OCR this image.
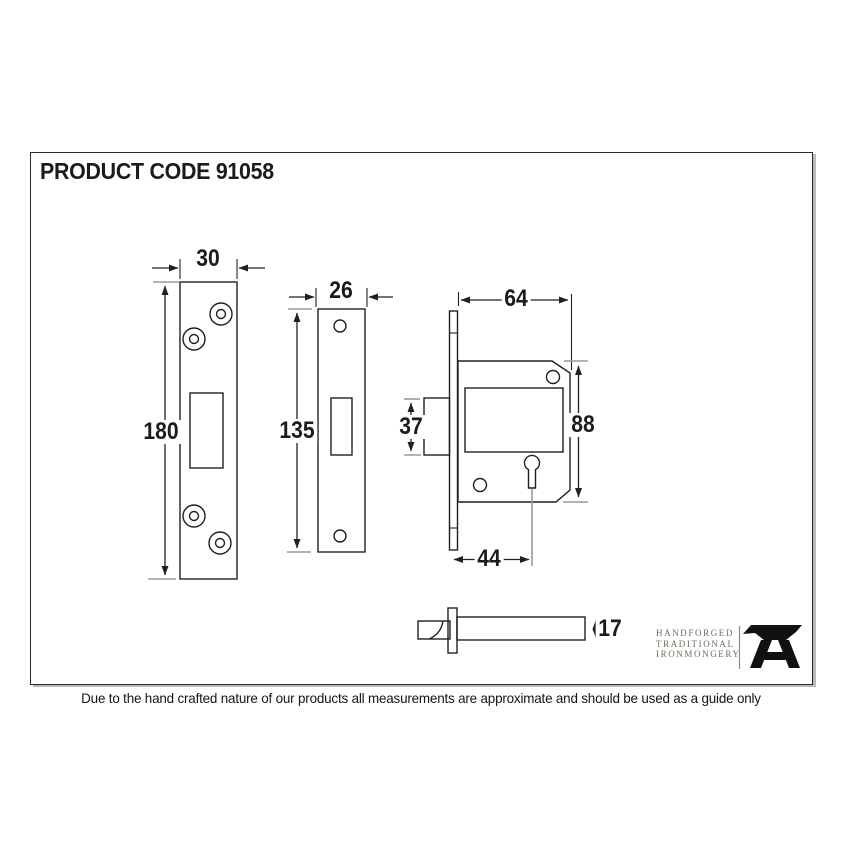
PRODUCT CODE 91058
30
180
26
135
64
88
37
44
17	HANDFORGED
TRADITIONAL
IRONMONGERY
Due to the hand crafted nature of our products all measurements are approximate and should be used as a guide only
